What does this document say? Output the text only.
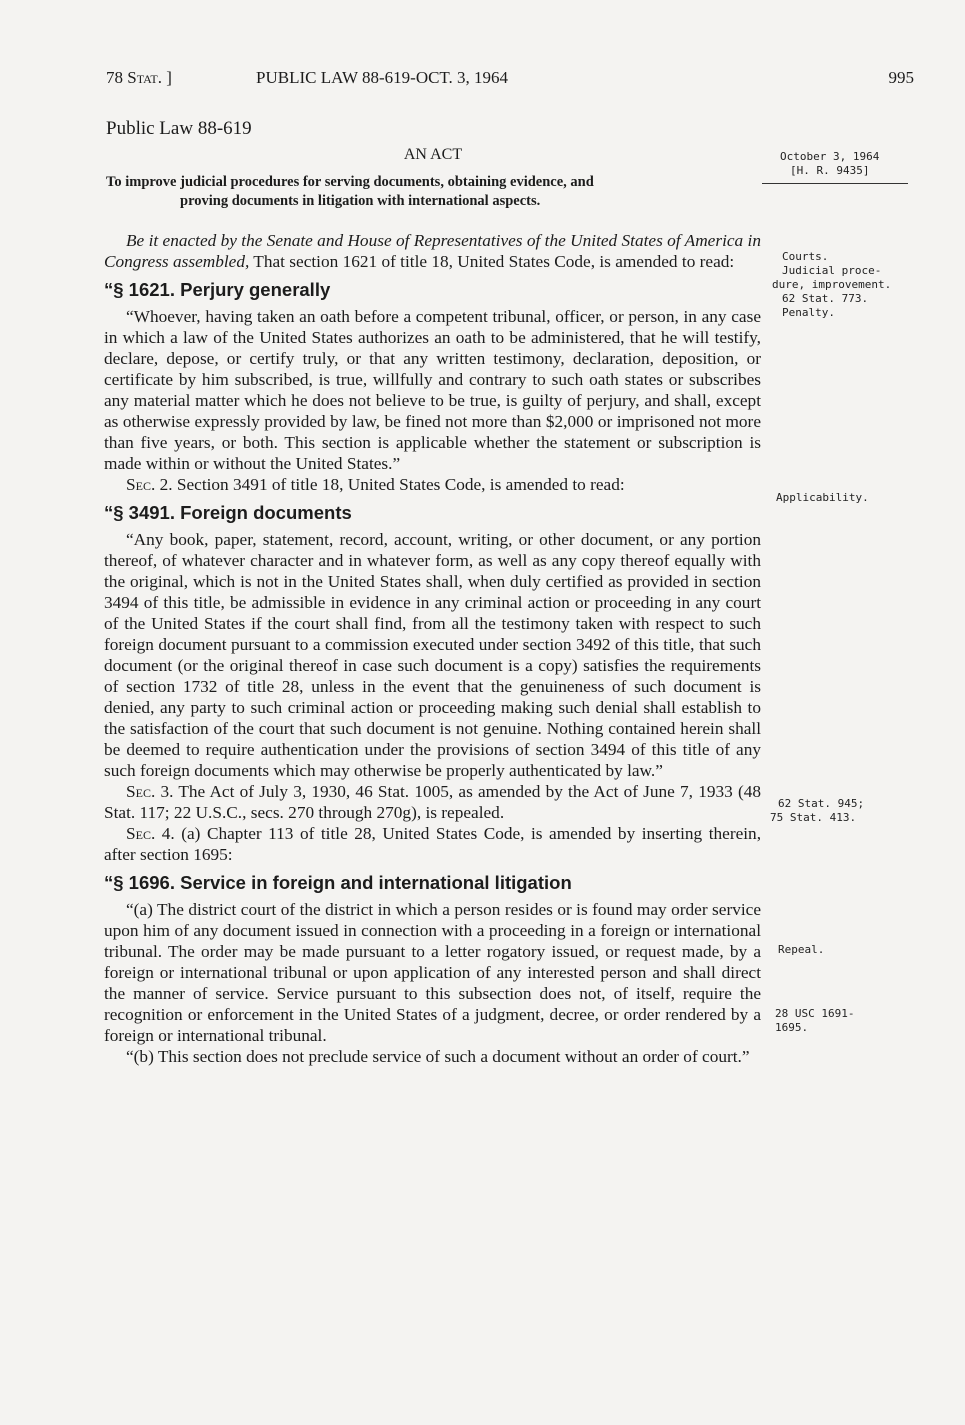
78 Stat. ]	PUBLIC LAW 88-619-OCT. 3, 1964	995
Public Law 88-619
AN ACT
To improve judicial procedures for serving documents, obtaining evidence, and
proving documents in litigation with international aspects.
October 3, 1964
[H. R. 9435]
Courts.
Judicial proce-
dure, improvement.
62 Stat. 773.
Penalty.
Applicability.
62 Stat. 945;
75 Stat. 413.
Repeal.
28 USC 1691-
1695.

Be it enacted by the Senate and House of Representatives of the United States of America in Congress assembled, That section 1621 of title 18, United States Code, is amended to read:

“§ 1621. Perjury generally

“Whoever, having taken an oath before a competent tribunal, officer, or person, in any case in which a law of the United States authorizes an oath to be administered, that he will testify, declare, depose, or certify truly, or that any written testimony, declaration, deposition, or certificate by him subscribed, is true, willfully and contrary to such oath states or subscribes any material matter which he does not believe to be true, is guilty of perjury, and shall, except as otherwise expressly provided by law, be fined not more than $2,000 or imprisoned not more than five years, or both. This section is applicable whether the statement or subscription is made within or without the United States.”

Sec. 2. Section 3491 of title 18, United States Code, is amended to read:

“§ 3491. Foreign documents

“Any book, paper, statement, record, account, writing, or other document, or any portion thereof, of whatever character and in whatever form, as well as any copy thereof equally with the original, which is not in the United States shall, when duly certified as provided in section 3494 of this title, be admissible in evidence in any criminal action or proceeding in any court of the United States if the court shall find, from all the testimony taken with respect to such foreign document pursuant to a commission executed under section 3492 of this title, that such document (or the original thereof in case such document is a copy) satisfies the requirements of section 1732 of title 28, unless in the event that the genuineness of such document is denied, any party to such criminal action or proceeding making such denial shall establish to the satisfaction of the court that such document is not genuine. Nothing contained herein shall be deemed to require authentication under the provisions of section 3494 of this title of any such foreign documents which may otherwise be properly authenticated by law.”

Sec. 3. The Act of July 3, 1930, 46 Stat. 1005, as amended by the Act of June 7, 1933 (48 Stat. 117; 22 U.S.C., secs. 270 through 270g), is repealed.

Sec. 4. (a) Chapter 113 of title 28, United States Code, is amended by inserting therein, after section 1695:

“§ 1696. Service in foreign and international litigation

“(a) The district court of the district in which a person resides or is found may order service upon him of any document issued in connection with a proceeding in a foreign or international tribunal. The order may be made pursuant to a letter rogatory issued, or request made, by a foreign or international tribunal or upon application of any interested person and shall direct the manner of service. Service pursuant to this subsection does not, of itself, require the recognition or enforcement in the United States of a judgment, decree, or order rendered by a foreign or international tribunal.

“(b) This section does not preclude service of such a document without an order of court.”
